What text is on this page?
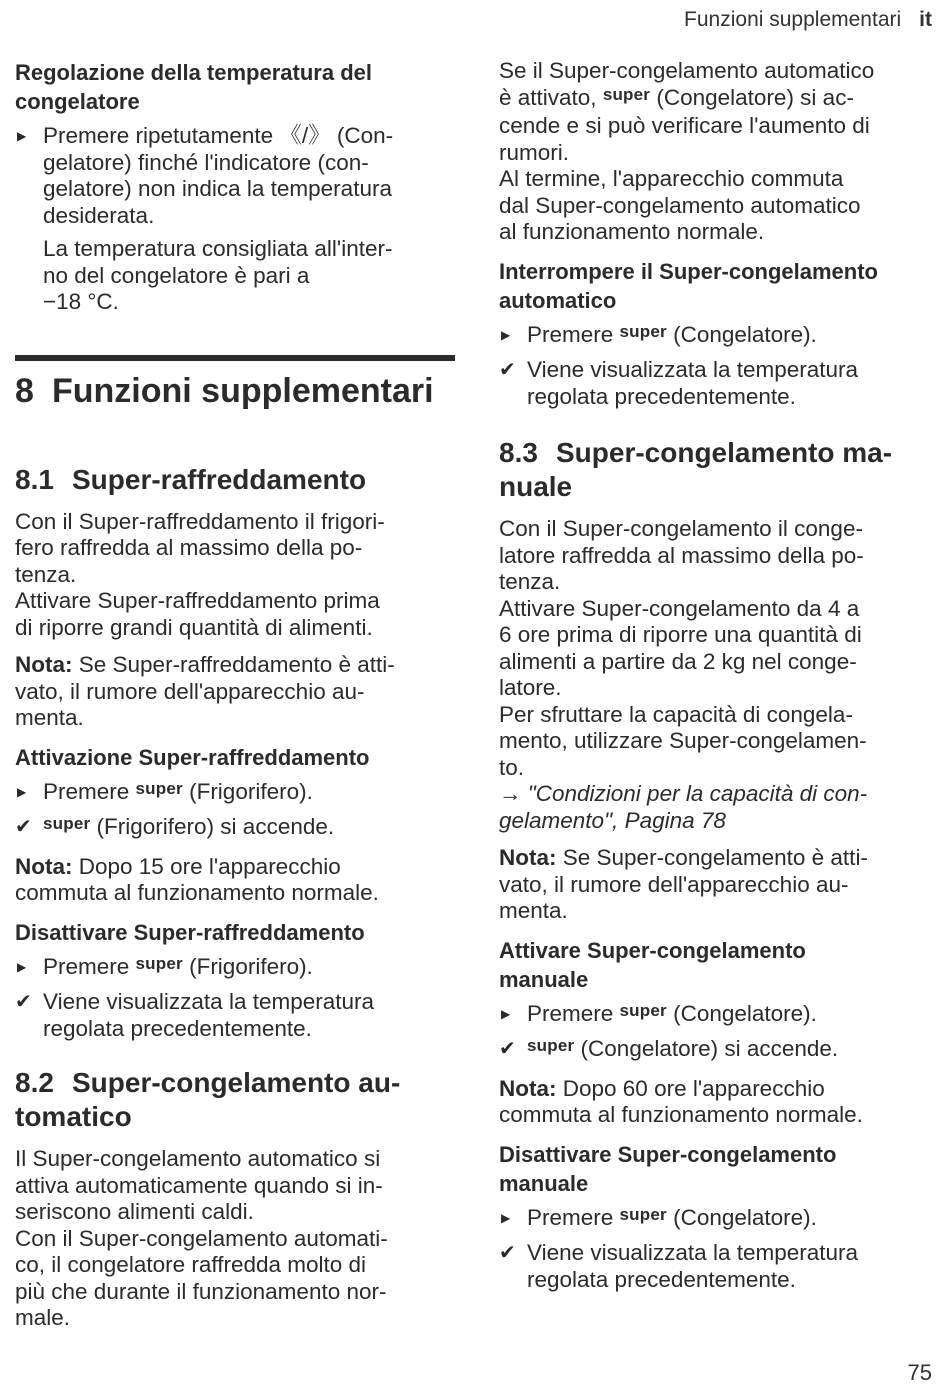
Funzioni supplementari it
Regolazione della temperatura del
congelatore
▶ Premere ripetutamente 《/》 (Con-
gelatore) finché l'indicatore (con-
gelatore) non indica la temperatura
desiderata.

La temperatura consigliata all'inter-

no del congelatore è pari a

−18 °C.

8 Funzioni supplementari
8.1 Super-raffreddamento

Con il Super-raffreddamento il frigori-

fero raffredda al massimo della po-

tenza.

Attivare Super-raffreddamento prima

di riporre grandi quantità di alimenti.

Nota: Se Super-raffreddamento è atti-

vato, il rumore dell'apparecchio au-

menta.

Attivazione Super-raffreddamento
▶ Premere $^{super}$ (Frigorifero).
✔ $^{super}$ (Frigorifero) si accende.

Nota: Dopo 15 ore l'apparecchio

commuta al funzionamento normale.

Disattivare Super-raffreddamento
▶ Premere $^{super}$ (Frigorifero).
✔ Viene visualizzata la temperatura
regolata precedentemente.
8.2 Super-congelamento au-
tomatico

Il Super-congelamento automatico si

attiva automaticamente quando si in-

seriscono alimenti caldi.

Con il Super-congelamento automati-

co, il congelatore raffredda molto di

più che durante il funzionamento nor-

male.

Se il Super-congelamento automatico

è attivato, $^{super}$ (Congelatore) si ac-

cende e si può verificare l'aumento di

rumori.

Al termine, l'apparecchio commuta

dal Super-congelamento automatico

al funzionamento normale.

Interrompere il Super-congelamento
automatico
▶ Premere $^{super}$ (Congelatore).
✔ Viene visualizzata la temperatura
regolata precedentemente.
8.3 Super-congelamento ma-
nuale

Con il Super-congelamento il conge-

latore raffredda al massimo della po-

tenza.

Attivare Super-congelamento da 4 a

6 ore prima di riporre una quantità di

alimenti a partire da 2 kg nel conge-

latore.

Per sfruttare la capacità di congela-

mento, utilizzare Super-congelamen-

to.

→ "Condizioni per la capacità di con-

gelamento", Pagina 78

Nota: Se Super-congelamento è atti-

vato, il rumore dell'apparecchio au-

menta.

Attivare Super-congelamento
manuale
▶ Premere $^{super}$ (Congelatore).
✔ $^{super}$ (Congelatore) si accende.

Nota: Dopo 60 ore l'apparecchio

commuta al funzionamento normale.

Disattivare Super-congelamento
manuale
▶ Premere $^{super}$ (Congelatore).
✔ Viene visualizzata la temperatura
regolata precedentemente.
75
